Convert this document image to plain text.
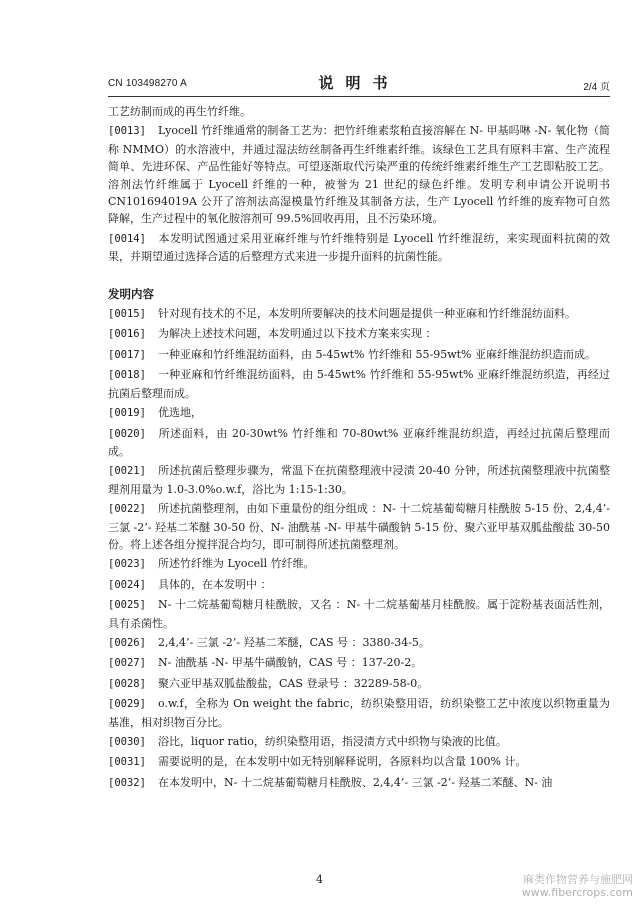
CN 103498270 A	说明书	2/4 页

工艺纺制而成的再生竹纤维。

[0013] Lyocell 竹纤维通常的制备工艺为：把竹纤维素浆粕直接溶解在 N- 甲基吗啉 -N- 氧化物（简称 NMMO）的水溶液中，并通过湿法纺丝制备再生纤维素纤维。该绿色工艺具有原料丰富、生产流程简单、先进环保、产品性能好等特点。可望逐渐取代污染严重的传统纤维素纤维生产工艺即粘胶工艺。溶剂法竹纤维属于 Lyocell 纤维的一种，被誉为 21 世纪的绿色纤维。发明专利申请公开说明书 CN101694019A 公开了溶剂法高湿模量竹纤维及其制备方法，生产 Lyocell 竹纤维的废弃物可自然降解，生产过程中的氧化胺溶剂可 99.5%回收再用，且不污染环境。

[0014] 本发明试图通过采用亚麻纤维与竹纤维特别是 Lyocell 竹纤维混纺，来实现面料抗菌的效果，并期望通过选择合适的后整理方式来进一步提升面料的抗菌性能。

发明内容

[0015] 针对现有技术的不足，本发明所要解决的技术问题是提供一种亚麻和竹纤维混纺面料。

[0016] 为解决上述技术问题，本发明通过以下技术方案来实现 ：

[0017] 一种亚麻和竹纤维混纺面料，由 5-45wt% 竹纤维和 55-95wt% 亚麻纤维混纺织造而成。

[0018] 一种亚麻和竹纤维混纺面料，由 5-45wt% 竹纤维和 55-95wt% 亚麻纤维混纺织造，再经过抗菌后整理而成。

[0019] 优选地，

[0020] 所述面料，由 20-30wt% 竹纤维和 70-80wt% 亚麻纤维混纺织造，再经过抗菌后整理而成。

[0021] 所述抗菌后整理步骤为，常温下在抗菌整理液中浸渍 20-40 分钟，所述抗菌整理液中抗菌整理剂用量为 1.0-3.0%o.w.f，浴比为 1:15-1:30。

[0022] 所述抗菌整理剂，由如下重量份的组分组成 ：N- 十二烷基葡萄糖月桂酰胺 5-15 份、2,4,4’- 三氯 -2’- 羟基二苯醚 30-50 份、N- 油酰基 -N- 甲基牛磺酸钠 5-15 份、聚六亚甲基双胍盐酸盐 30-50 份。将上述各组分搅拌混合均匀，即可制得所述抗菌整理剂。

[0023] 所述竹纤维为 Lyocell 竹纤维。

[0024] 具体的，在本发明中 ：

[0025] N- 十二烷基葡萄糖月桂酰胺，又名 ：N- 十二烷基葡基月桂酰胺。属于淀粉基表面活性剂，具有杀菌性。

[0026] 2,4,4’- 三氯 -2’- 羟基二苯醚，CAS 号 ：3380-34-5。

[0027] N- 油酰基 -N- 甲基牛磺酸钠，CAS 号 ：137-20-2。

[0028] 聚六亚甲基双胍盐酸盐，CAS 登录号 ：32289-58-0。

[0029] o.w.f，全称为 On weight the fabric，纺织染整用语，纺织染整工艺中浓度以织物重量为基准，相对织物百分比。

[0030] 浴比，liquor ratio，纺织染整用语，指浸渍方式中织物与染液的比值。

[0031] 需要说明的是，在本发明中如无特别解释说明，各原料均以含量 100% 计。

[0032] 在本发明中，N- 十二烷基葡萄糖月桂酰胺、2,4,4’- 三氯 -2’- 羟基二苯醚、N- 油

4	麻类作物营养与施肥网
www.fibercrops.com
